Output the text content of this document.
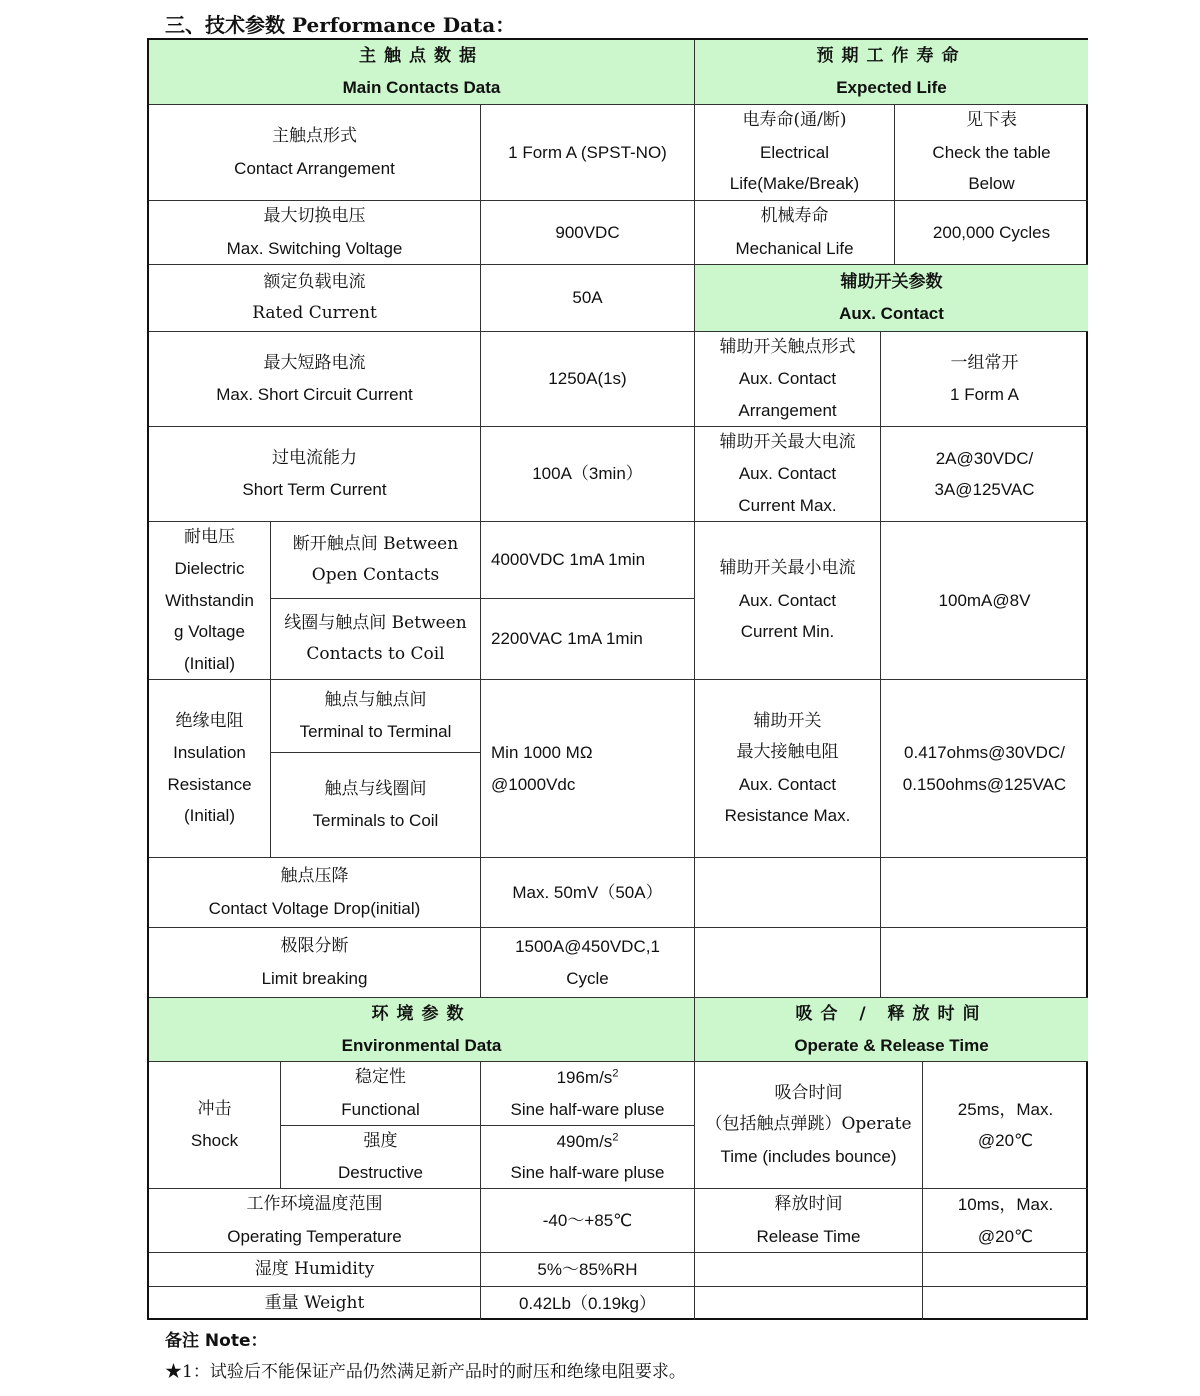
三、技术参数 Performance Data：
主触点数据
Main Contacts Data
预期工作寿命
Expected Life
主触点形式
Contact Arrangement
1 Form A (SPST-NO)
电寿命(通/断)
Electrical
Life(Make/Break)
见下表
Check the table
Below
最大切换电压
Max. Switching Voltage
900VDC
机械寿命
Mechanical Life
200,000 Cycles
额定负载电流
Rated Current
50A
辅助开关参数
Aux. Contact
最大短路电流
Max. Short Circuit Current
1250A(1s)
辅助开关触点形式
Aux. Contact
Arrangement
一组常开
1 Form A
过电流能力
Short Term Current
100A（3min）
辅助开关最大电流
Aux. Contact
Current Max.
2A@30VDC/
3A@125VAC
耐电压
Dielectric
Withstandin
g Voltage
(Initial)
断开触点间 Between
Open Contacts
4000VDC 1mA 1min
线圈与触点间 Between
Contacts to Coil
2200VAC 1mA 1min
辅助开关最小电流
Aux. Contact
Current Min.
100mA@8V
绝缘电阻
Insulation
Resistance
(Initial)
触点与触点间
Terminal to Terminal
触点与线圈间
Terminals to Coil
Min 1000 MΩ
@1000Vdc
辅助开关
最大接触电阻
Aux. Contact
Resistance Max.
0.417ohms@30VDC/
0.150ohms@125VAC
触点压降
Contact Voltage Drop(initial)
Max. 50mV（50A）
极限分断
Limit breaking
1500A@450VDC,1
Cycle
环境参数
Environmental Data
吸合 / 释放时间
Operate & Release Time
冲击
Shock
稳定性
Functional
$196m/s^2$
Sine half-ware pluse
强度
Destructive
$490m/s^2$
Sine half-ware pluse
吸合时间
（包括触点弹跳）Operate
Time (includes bounce)
25ms，Max.
@20℃
工作环境温度范围
Operating Temperature
-40～+85℃
释放时间
Release Time
10ms，Max.
@20℃
湿度 Humidity	5%～85%RH
重量 Weight	0.42Lb（0.19kg）
备注 Note：
★1：试验后不能保证产品仍然满足新产品时的耐压和绝缘电阻要求。
